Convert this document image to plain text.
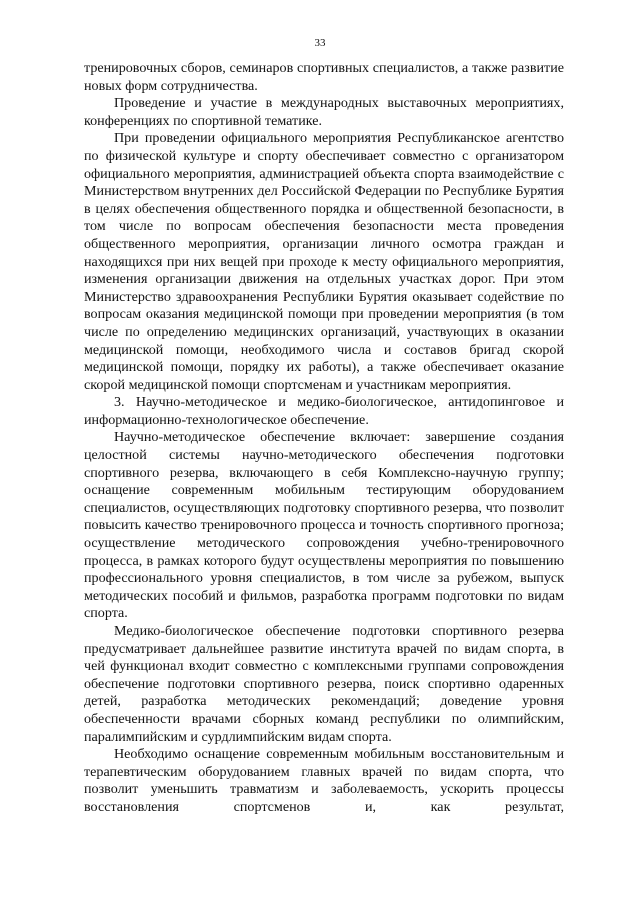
33

тренировочных сборов, семинаров спортивных специалистов, а также развитие новых форм сотрудничества.

Проведение и участие в международных выставочных мероприятиях, конференциях по спортивной тематике.

При проведении официального мероприятия Республиканское агентство по физической культуре и спорту обеспечивает совместно с организатором официального мероприятия, администрацией объекта спорта взаимодействие с Министерством внутренних дел Российской Федерации по Республике Бурятия в целях обеспечения общественного порядка и общественной безопасности, в том числе по вопросам обеспечения безопасности места проведения общественного мероприятия, организации личного осмотра граждан и находящихся при них вещей при проходе к месту официального мероприятия, изменения организации движения на отдельных участках дорог. При этом Министерство здравоохранения Республики Бурятия оказывает содействие по вопросам оказания медицинской помощи при проведении мероприятия (в том числе по определению медицинских организаций, участвующих в оказании медицинской помощи, необходимого числа и составов бригад скорой медицинской помощи, порядку их работы), а также обеспечивает оказание скорой медицинской помощи спортсменам и участникам мероприятия.

3. Научно-методическое и медико-биологическое, антидопинговое и информационно-технологическое обеспечение.

Научно-методическое обеспечение включает: завершение создания целостной системы научно-методического обеспечения подготовки спортивного резерва, включающего в себя Комплексно-научную группу; оснащение современным мобильным тестирующим оборудованием специалистов, осуществляющих подготовку спортивного резерва, что позволит повысить качество тренировочного процесса и точность спортивного прогноза; осуществление методического сопровождения учебно-тренировочного процесса, в рамках которого будут осуществлены мероприятия по повышению профессионального уровня специалистов, в том числе за рубежом, выпуск методических пособий и фильмов, разработка программ подготовки по видам спорта.

Медико-биологическое обеспечение подготовки спортивного резерва предусматривает дальнейшее развитие института врачей по видам спорта, в чей функционал входит совместно с комплексными группами сопровождения обеспечение подготовки спортивного резерва, поиск спортивно одаренных детей, разработка методических рекомендаций; доведение уровня обеспеченности врачами сборных команд республики по олимпийским, паралимпийским и сурдлимпийским видам спорта.

Необходимо оснащение современным мобильным восстановительным и терапевтическим оборудованием главных врачей по видам спорта, что позволит уменьшить травматизм и заболеваемость, ускорить процессы восстановления спортсменов и, как результат,
